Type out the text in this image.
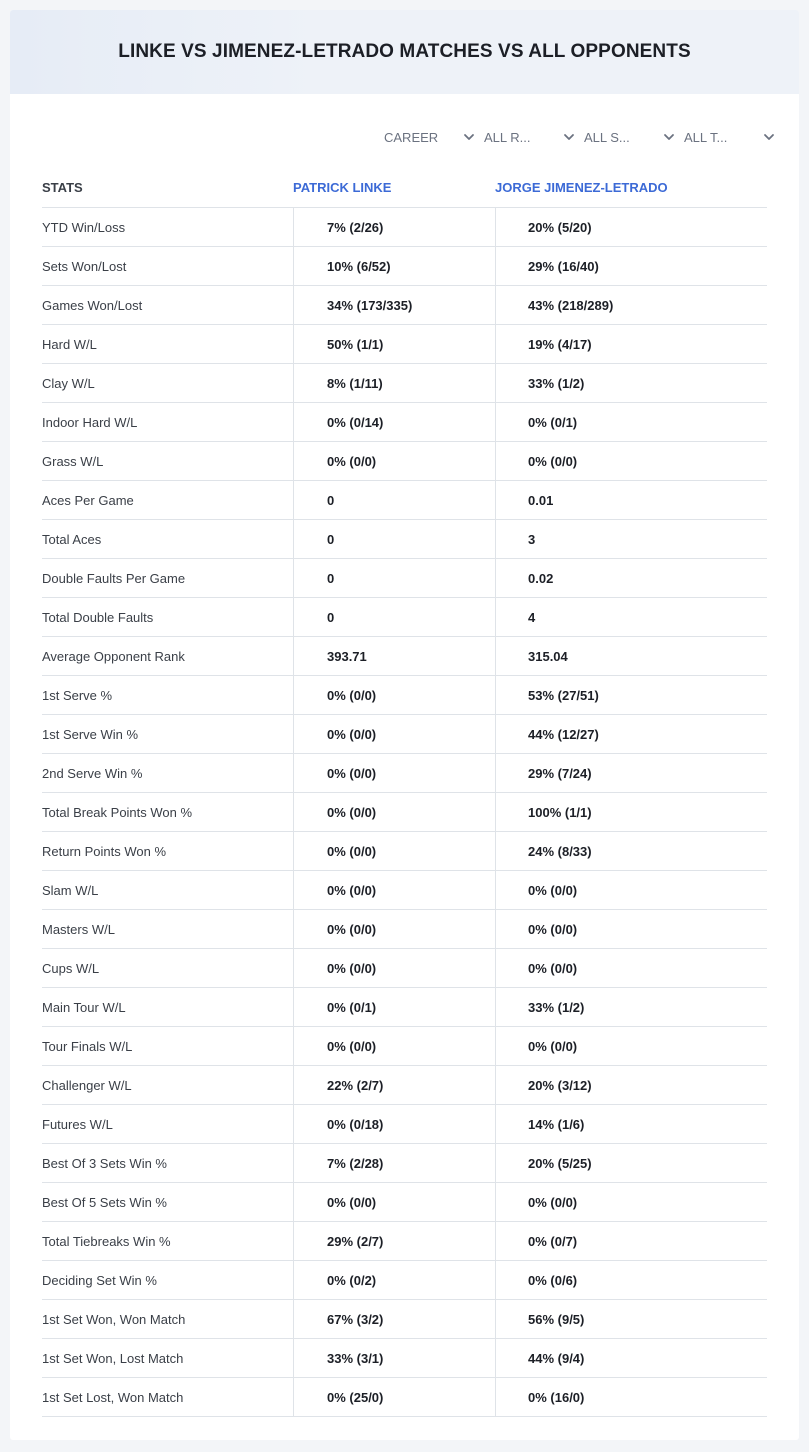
LINKE VS JIMENEZ-LETRADO MATCHES VS ALL OPPONENTS
CAREER	ALL R...	ALL S...	ALL T...
STATS	PATRICK LINKE	JORGE JIMENEZ-LETRADO
YTD Win/Loss	7% (2/26)	20% (5/20)
Sets Won/Lost	10% (6/52)	29% (16/40)
Games Won/Lost	34% (173/335)	43% (218/289)
Hard W/L	50% (1/1)	19% (4/17)
Clay W/L	8% (1/11)	33% (1/2)
Indoor Hard W/L	0% (0/14)	0% (0/1)
Grass W/L	0% (0/0)	0% (0/0)
Aces Per Game	0	0.01
Total Aces	0	3
Double Faults Per Game	0	0.02
Total Double Faults	0	4
Average Opponent Rank	393.71	315.04
1st Serve %	0% (0/0)	53% (27/51)
1st Serve Win %	0% (0/0)	44% (12/27)
2nd Serve Win %	0% (0/0)	29% (7/24)
Total Break Points Won %	0% (0/0)	100% (1/1)
Return Points Won %	0% (0/0)	24% (8/33)
Slam W/L	0% (0/0)	0% (0/0)
Masters W/L	0% (0/0)	0% (0/0)
Cups W/L	0% (0/0)	0% (0/0)
Main Tour W/L	0% (0/1)	33% (1/2)
Tour Finals W/L	0% (0/0)	0% (0/0)
Challenger W/L	22% (2/7)	20% (3/12)
Futures W/L	0% (0/18)	14% (1/6)
Best Of 3 Sets Win %	7% (2/28)	20% (5/25)
Best Of 5 Sets Win %	0% (0/0)	0% (0/0)
Total Tiebreaks Win %	29% (2/7)	0% (0/7)
Deciding Set Win %	0% (0/2)	0% (0/6)
1st Set Won, Won Match	67% (3/2)	56% (9/5)
1st Set Won, Lost Match	33% (3/1)	44% (9/4)
1st Set Lost, Won Match	0% (25/0)	0% (16/0)
